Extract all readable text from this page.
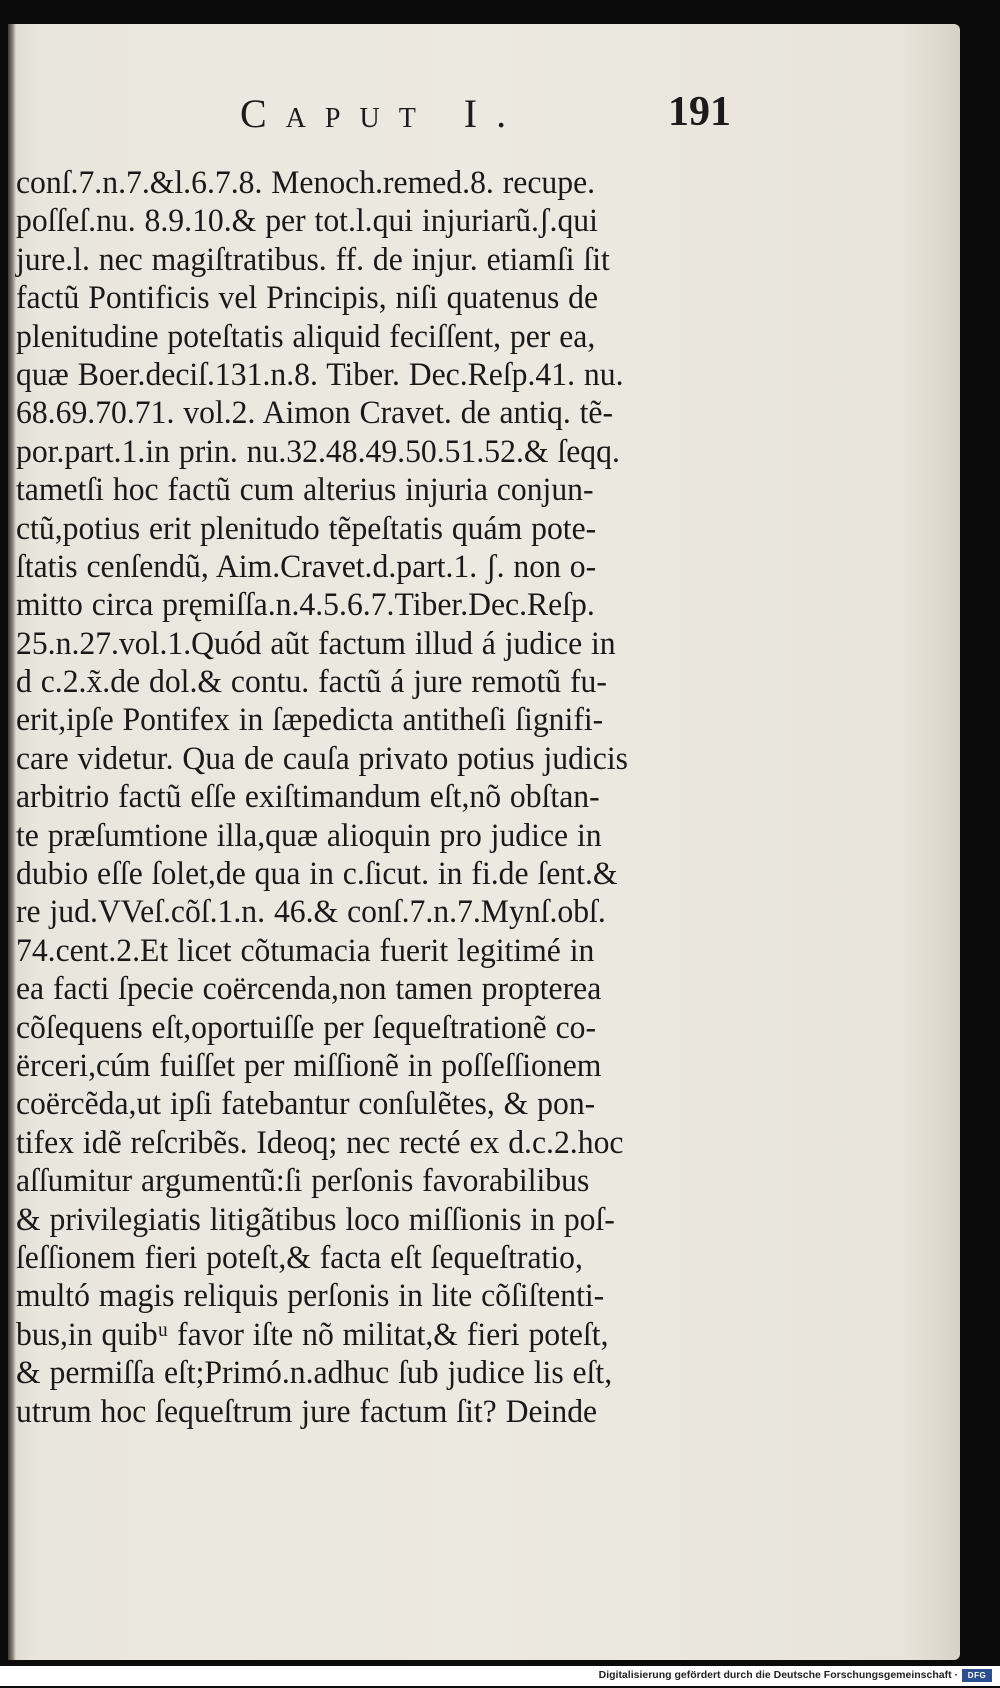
Caput I.	191
conſ.7.n.7.&l.6.7.8. Menoch.remed.8. recupe.
poſſeſ.nu. 8.9.10.& per tot.l.qui injuriarũ.ʃ.qui
jure.l. nec magiſtratibus. ff. de injur. etiamſi ſit
factũ Pontificis vel Principis, niſi quatenus de
plenitudine poteſtatis aliquid feciſſent, per ea,
quæ Boer.deciſ.131.n.8. Tiber. Dec.Reſp.41. nu.
68.69.70.71. vol.2. Aimon Cravet. de antiq. tẽ-
por.part.1.in prin. nu.32.48.49.50.51.52.& ſeqq.
tametſi hoc factũ cum alterius injuria conjun-
ctũ,potius erit plenitudo tẽpeſtatis quám pote-
ſtatis cenſendũ, Aim.Cravet.d.part.1. ʃ. non o-
mitto circa pręmiſſa.n.4.5.6.7.Tiber.Dec.Reſp.
25.n.27.vol.1.Quód aũt factum illud á judice in
d c.2.x̃.de dol.& contu. factũ á jure remotũ fu-
erit,ipſe Pontifex in ſæpedicta antitheſi ſignifi-
care videtur. Qua de cauſa privato potius judicis
arbitrio factũ eſſe exiſtimandum eſt,nõ obſtan-
te præſumtione illa,quæ alioquin pro judice in
dubio eſſe ſolet,de qua in c.ſicut. in fi.de ſent.&
re jud.VVeſ.cõſ.1.n. 46.& conſ.7.n.7.Mynſ.obſ.
74.cent.2.Et licet cõtumacia fuerit legitimé in
ea facti ſpecie coërcenda,non tamen propterea
cõſequens eſt,oportuiſſe per ſequeſtrationẽ co-
ërceri,cúm fuiſſet per miſſionẽ in poſſeſſionem
coërcẽda,ut ipſi fatebantur conſulẽtes, & pon-
tifex idẽ reſcribẽs. Ideoq; nec recté ex d.c.2.hoc
aſſumitur argumentũ:ſi perſonis favorabilibus
& privilegiatis litigãtibus loco miſſionis in poſ-
ſeſſionem fieri poteſt,& facta eſt ſequeſtratio,
multó magis reliquis perſonis in lite cõſiſtenti-
bus,in quibᵘ favor iſte nõ militat,& fieri poteſt,
& permiſſa eſt;Primó.n.adhuc ſub judice lis eſt,
utrum hoc ſequeſtrum jure factum ſit? Deinde
Digitalisierung gefördert durch die Deutsche Forschungsgemeinschaft ·	DFG
